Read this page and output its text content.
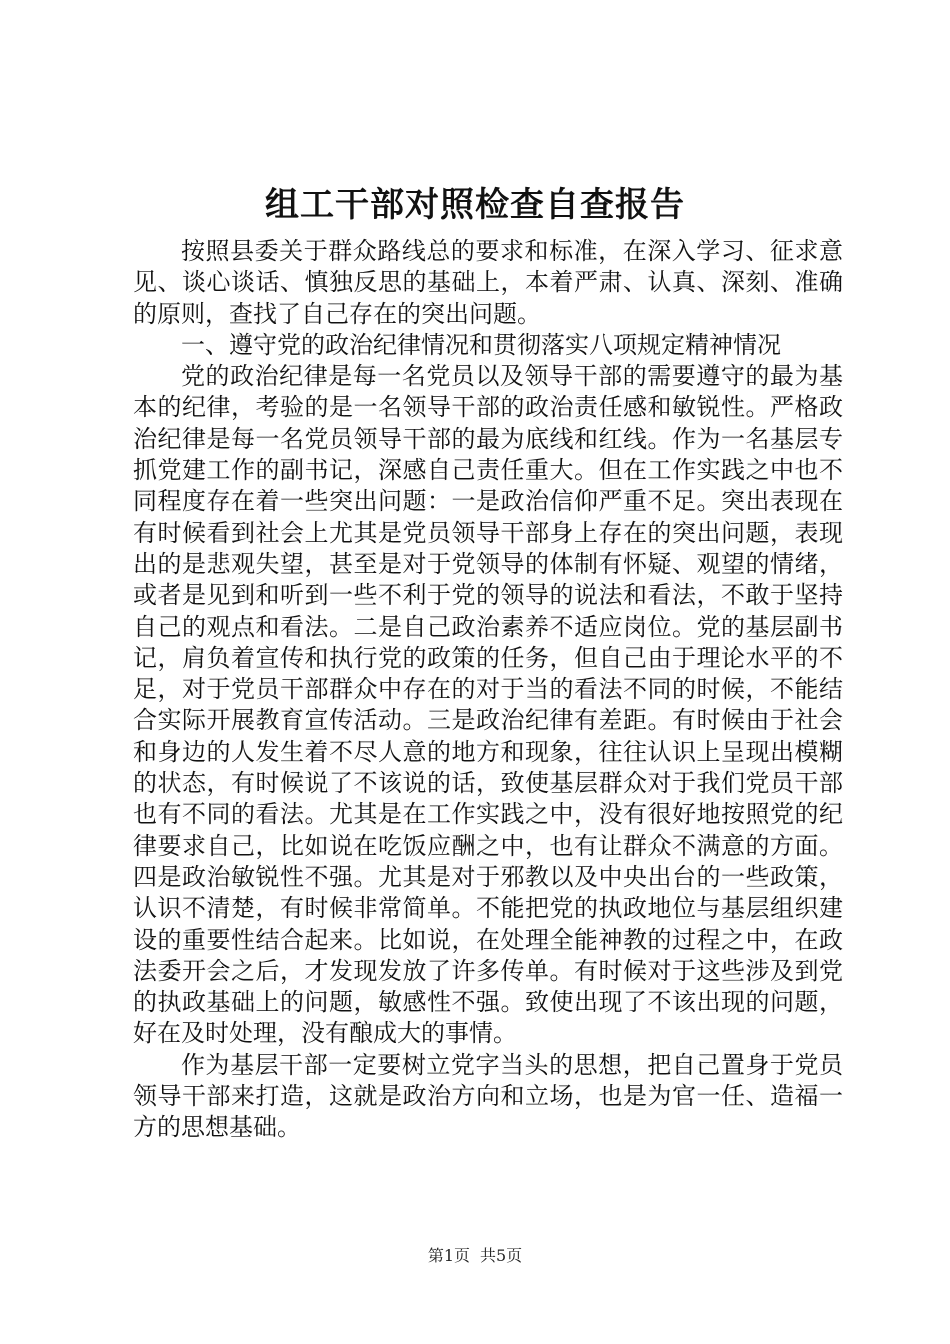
组工干部对照检查自查报告

按照县委关于群众路线总的要求和标准，在深入学习、征求意见、谈心谈话、慎独反思的基础上，本着严肃、认真、深刻、准确的原则，查找了自己存在的突出问题。

一、遵守党的政治纪律情况和贯彻落实八项规定精神情况

党的政治纪律是每一名党员以及领导干部的需要遵守的最为基本的纪律，考验的是一名领导干部的政治责任感和敏锐性。严格政治纪律是每一名党员领导干部的最为底线和红线。作为一名基层专抓党建工作的副书记，深感自己责任重大。但在工作实践之中也不同程度存在着一些突出问题：一是政治信仰严重不足。突出表现在有时候看到社会上尤其是党员领导干部身上存在的突出问题，表现出的是悲观失望，甚至是对于党领导的体制有怀疑、观望的情绪，或者是见到和听到一些不利于党的领导的说法和看法，不敢于坚持自己的观点和看法。二是自己政治素养不适应岗位。党的基层副书记，肩负着宣传和执行党的政策的任务，但自己由于理论水平的不足，对于党员干部群众中存在的对于当的看法不同的时候，不能结合实际开展教育宣传活动。三是政治纪律有差距。有时候由于社会和身边的人发生着不尽人意的地方和现象，往往认识上呈现出模糊的状态，有时候说了不该说的话，致使基层群众对于我们党员干部也有不同的看法。尤其是在工作实践之中，没有很好地按照党的纪律要求自己，比如说在吃饭应酬之中，也有让群众不满意的方面。四是政治敏锐性不强。尤其是对于邪教以及中央出台的一些政策，认识不清楚，有时候非常简单。不能把党的执政地位与基层组织建设的重要性结合起来。比如说，在处理全能神教的过程之中，在政法委开会之后，才发现发放了许多传单。有时候对于这些涉及到党的执政基础上的问题，敏感性不强。致使出现了不该出现的问题，好在及时处理，没有酿成大的事情。

作为基层干部一定要树立党字当头的思想，把自己置身于党员领导干部来打造，这就是政治方向和立场，也是为官一任、造福一方的思想基础。

第1页 共5页
